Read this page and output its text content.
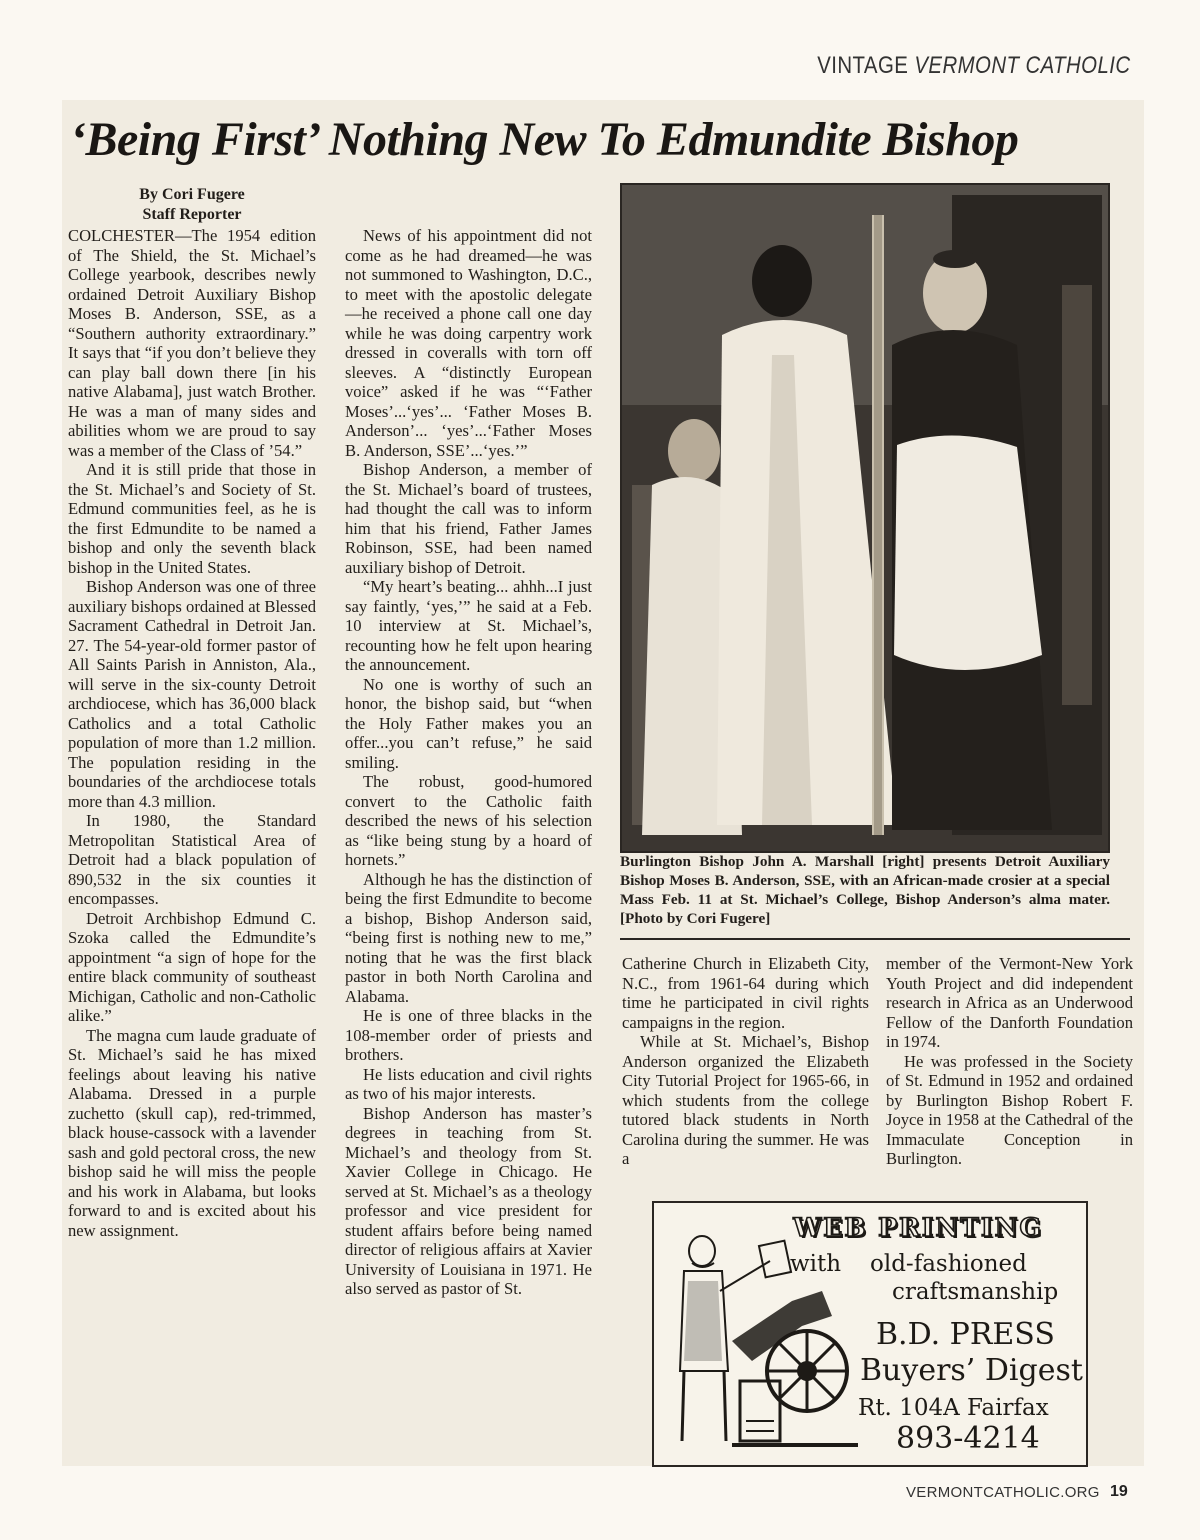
VINTAGE VERMONT CATHOLIC
‘Being First’ Nothing New To Edmundite Bishop
By Cori Fugere
Staff Reporter

COLCHESTER—The 1954 edition of The Shield, the St. Michael’s College yearbook, describes newly ordained Detroit Auxiliary Bishop Moses B. Anderson, SSE, as a “Southern authority extraordinary.” It says that “if you don’t believe they can play ball down there [in his native Alabama], just watch Brother. He was a man of many sides and abilities whom we are proud to say was a member of the Class of ’54.”

And it is still pride that those in the St. Michael’s and Society of St. Edmund communities feel, as he is the first Edmundite to be named a bishop and only the seventh black bishop in the United States.

Bishop Anderson was one of three auxiliary bishops ordained at Blessed Sacrament Cathedral in Detroit Jan. 27. The 54-year-old former pastor of All Saints Parish in Anniston, Ala., will serve in the six-county Detroit archdiocese, which has 36,000 black Catholics and a total Catholic population of more than 1.2 million. The population residing in the boundaries of the archdiocese totals more than 4.3 million.

In 1980, the Standard Metropolitan Statistical Area of Detroit had a black population of 890,532 in the six counties it encompasses.

Detroit Archbishop Edmund C. Szoka called the Edmundite’s appointment “a sign of hope for the entire black community of southeast Michigan, Catholic and non-Catholic alike.”

The magna cum laude graduate of St. Michael’s said he has mixed feelings about leaving his native Alabama. Dressed in a purple zuchetto (skull cap), red-trimmed, black house-cassock with a lavender sash and gold pectoral cross, the new bishop said he will miss the people and his work in Alabama, but looks forward to and is excited about his new assignment.

News of his appointment did not come as he had dreamed—he was not summoned to Washington, D.C., to meet with the apostolic delegate—he received a phone call one day while he was doing carpentry work dressed in coveralls with torn off sleeves. A “distinctly European voice” asked if he was “‘Father Moses’...‘yes’... ‘Father Moses B. Anderson’... ‘yes’...‘Father Moses B. Anderson, SSE’...‘yes.’”

Bishop Anderson, a member of the St. Michael’s board of trustees, had thought the call was to inform him that his friend, Father James Robinson, SSE, had been named auxiliary bishop of Detroit.

“My heart’s beating... ahhh...I just say faintly, ‘yes,’” he said at a Feb. 10 interview at St. Michael’s, recounting how he felt upon hearing the announcement.

No one is worthy of such an honor, the bishop said, but “when the Holy Father makes you an offer...you can’t refuse,” he said smiling.

The robust, good-humored convert to the Catholic faith described the news of his selection as “like being stung by a hoard of hornets.”

Although he has the distinction of being the first Edmundite to become a bishop, Bishop Anderson said, “being first is nothing new to me,” noting that he was the first black pastor in both North Carolina and Alabama.

He is one of three blacks in the 108-member order of priests and brothers.

He lists education and civil rights as two of his major interests.

Bishop Anderson has master’s degrees in teaching from St. Michael’s and theology from St. Xavier College in Chicago. He served at St. Michael’s as a theology professor and vice president for student affairs before being named director of religious affairs at Xavier University of Louisiana in 1971. He also served as pastor of St.

Burlington Bishop John A. Marshall [right] presents Detroit Auxiliary Bishop Moses B. Anderson, SSE, with an African-made crosier at a special Mass Feb. 11 at St. Michael’s College, Bishop Anderson’s alma mater. [Photo by Cori Fugere]

Catherine Church in Elizabeth City, N.C., from 1961-64 during which time he participated in civil rights campaigns in the region.

While at St. Michael’s, Bishop Anderson organized the Elizabeth City Tutorial Project for 1965-66, in which students from the college tutored black students in North Carolina during the summer. He was a

member of the Vermont-New York Youth Project and did independent research in Africa as an Underwood Fellow of the Danforth Foundation in 1974.

He was professed in the Society of St. Edmund in 1952 and ordained by Burlington Bishop Robert F. Joyce in 1958 at the Cathedral of the Immaculate Conception in Burlington.

WEB PRINTING
with old-fashioned
craftsmanship
B.D. PRESS
Buyers’ Digest
Rt. 104A Fairfax
893-4214
VERMONTCATHOLIC.ORG 19
